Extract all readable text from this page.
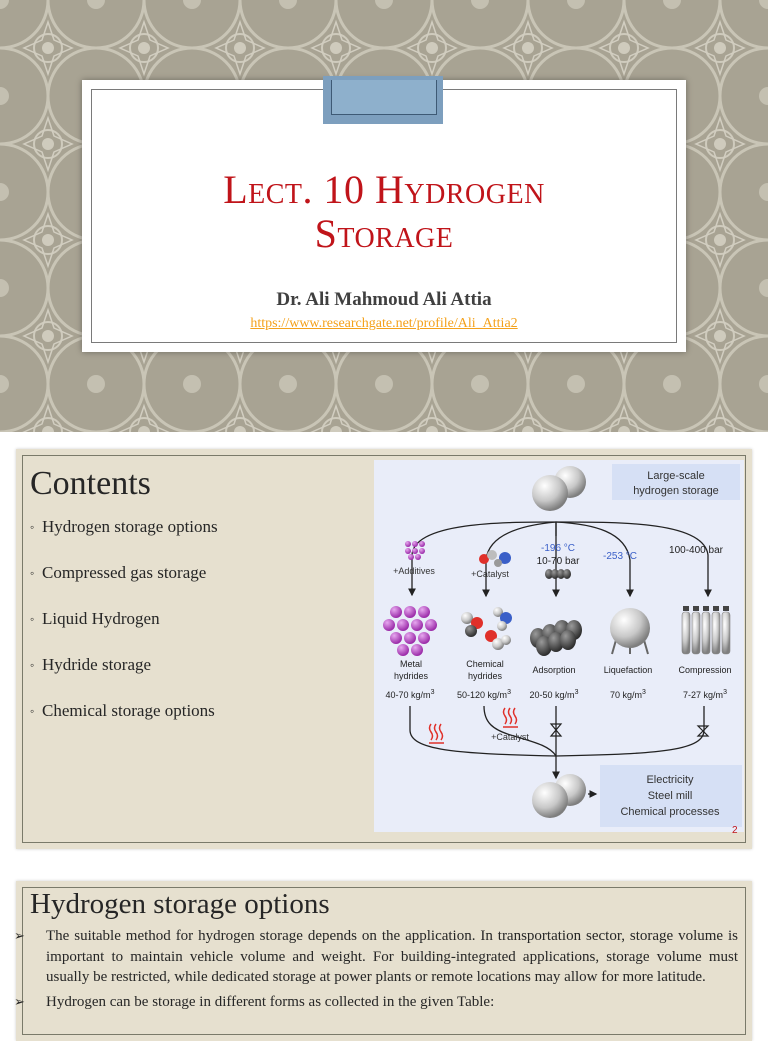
Lect. 10 Hydrogen
Storage
Dr. Ali Mahmoud Ali Attia
https://www.researchgate.net/profile/Ali_Attia2
Contents
◦ Hydrogen storage options
◦ Compressed gas storage
◦ Liquid Hydrogen
◦ Hydride storage
◦ Chemical storage options
Large-scale
hydrogen storage
+Additives	+Catalyst
-196 °C
10-70 bar -253 °C
100-400 bar
Metal
hydrides
Chemical
hydrides
Adsorption	Liquefaction	Compression
40-70 $kg/m^3$	50-120 $kg/m^3$ 20-50 $kg/m^3$	70 $kg/m^3$	7-27 $kg/m^3$
+Catalyst
Electricity
Steel mill
Chemical processes
2
Hydrogen storage options

➢ The suitable method for hydrogen storage depends on the application. In transportation sector, storage volume is important to maintain vehicle volume and weight. For building-integrated applications, storage volume must usually be restricted, while dedicated storage at power plants or remote locations may allow for more latitude.

➢ Hydrogen can be storage in different forms as collected in the given Table:
